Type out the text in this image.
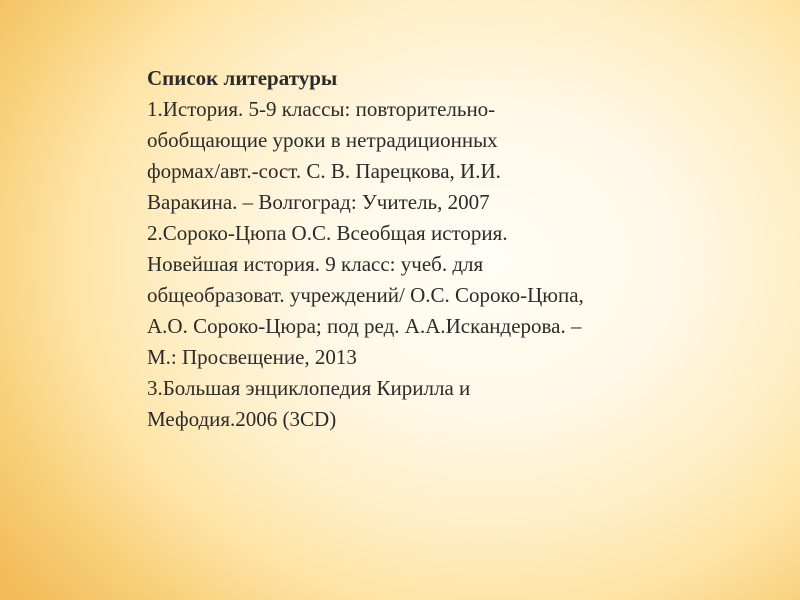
Список литературы
1.История. 5-9 классы: повторительно-
обобщающие уроки в нетрадиционных
формах/авт.-сост. С. В. Парецкова, И.И.
Варакина. – Волгоград: Учитель, 2007
2.Сороко-Цюпа О.С. Всеобщая история.
Новейшая история. 9 класс: учеб. для
общеобразоват. учреждений/ О.С. Сороко-Цюпа,
А.О. Сороко-Цюра; под ред. А.А.Искандерова. –
М.: Просвещение, 2013
3.Большая энциклопедия Кирилла и
Мефодия.2006 (3CD)
